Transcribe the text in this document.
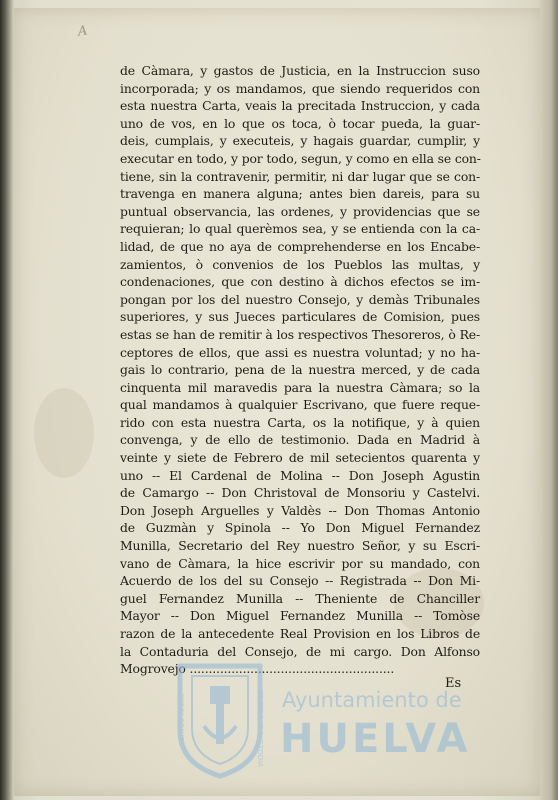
A
de Càmara, y gastos de Justicia, en la Instruccion suso
incorporada; y os mandamos, que siendo requeridos con
esta nuestra Carta, veais la precitada Instruccion, y cada
uno de vos, en lo que os toca, ò tocar pueda, la guar-
deis, cumplais, y executeis, y hagais guardar, cumplir, y
executar en todo, y por todo, segun, y como en ella se con-
tiene, sin la contravenir, permitir, ni dar lugar que se con-
travenga en manera alguna; antes bien dareis, para su
puntual observancia, las ordenes, y providencias que se
requieran; lo qual querèmos sea, y se entienda con la ca-
lidad, de que no aya de comprehenderse en los Encabe-
zamientos, ò convenios de los Pueblos las multas, y
condenaciones, que con destino à dichos efectos se im-
pongan por los del nuestro Consejo, y demàs Tribunales
superiores, y sus Jueces particulares de Comision, pues
estas se han de remitir à los respectivos Thesoreros, ò Re-
ceptores de ellos, que assi es nuestra voluntad; y no ha-
gais lo contrario, pena de la nuestra merced, y de cada
cinquenta mil maravedis para la nuestra Càmara; so la
qual mandamos à qualquier Escrivano, que fuere reque-
rido con esta nuestra Carta, os la notifique, y à quien
convenga, y de ello de testimonio. Dada en Madrid à
veinte y siete de Febrero de mil setecientos quarenta y
uno -- El Cardenal de Molina -- Don Joseph Agustin
de Camargo -- Don Christoval de Monsoriu y Castelvi.
Don Joseph Arguelles y Valdès -- Don Thomas Antonio
de Guzmàn y Spinola -- Yo Don Miguel Fernandez
Munilla, Secretario del Rey nuestro Señor, y su Escri-
vano de Càmara, la hice escrivir por su mandado, con
Acuerdo de los del su Consejo -- Registrada -- Don Mi-
guel Fernandez Munilla -- Theniente de Chanciller
Mayor -- Don Miguel Fernandez Munilla -- Tomòse
razon de la antecedente Real Provision en los Libros de
la Contaduria del Consejo, de mi cargo. Don Alfonso
Mogrovejo ......................................................
Es
PORTUS MARIS	ET TERRAE CUSTODIA Ayuntamiento de
HUELVA
